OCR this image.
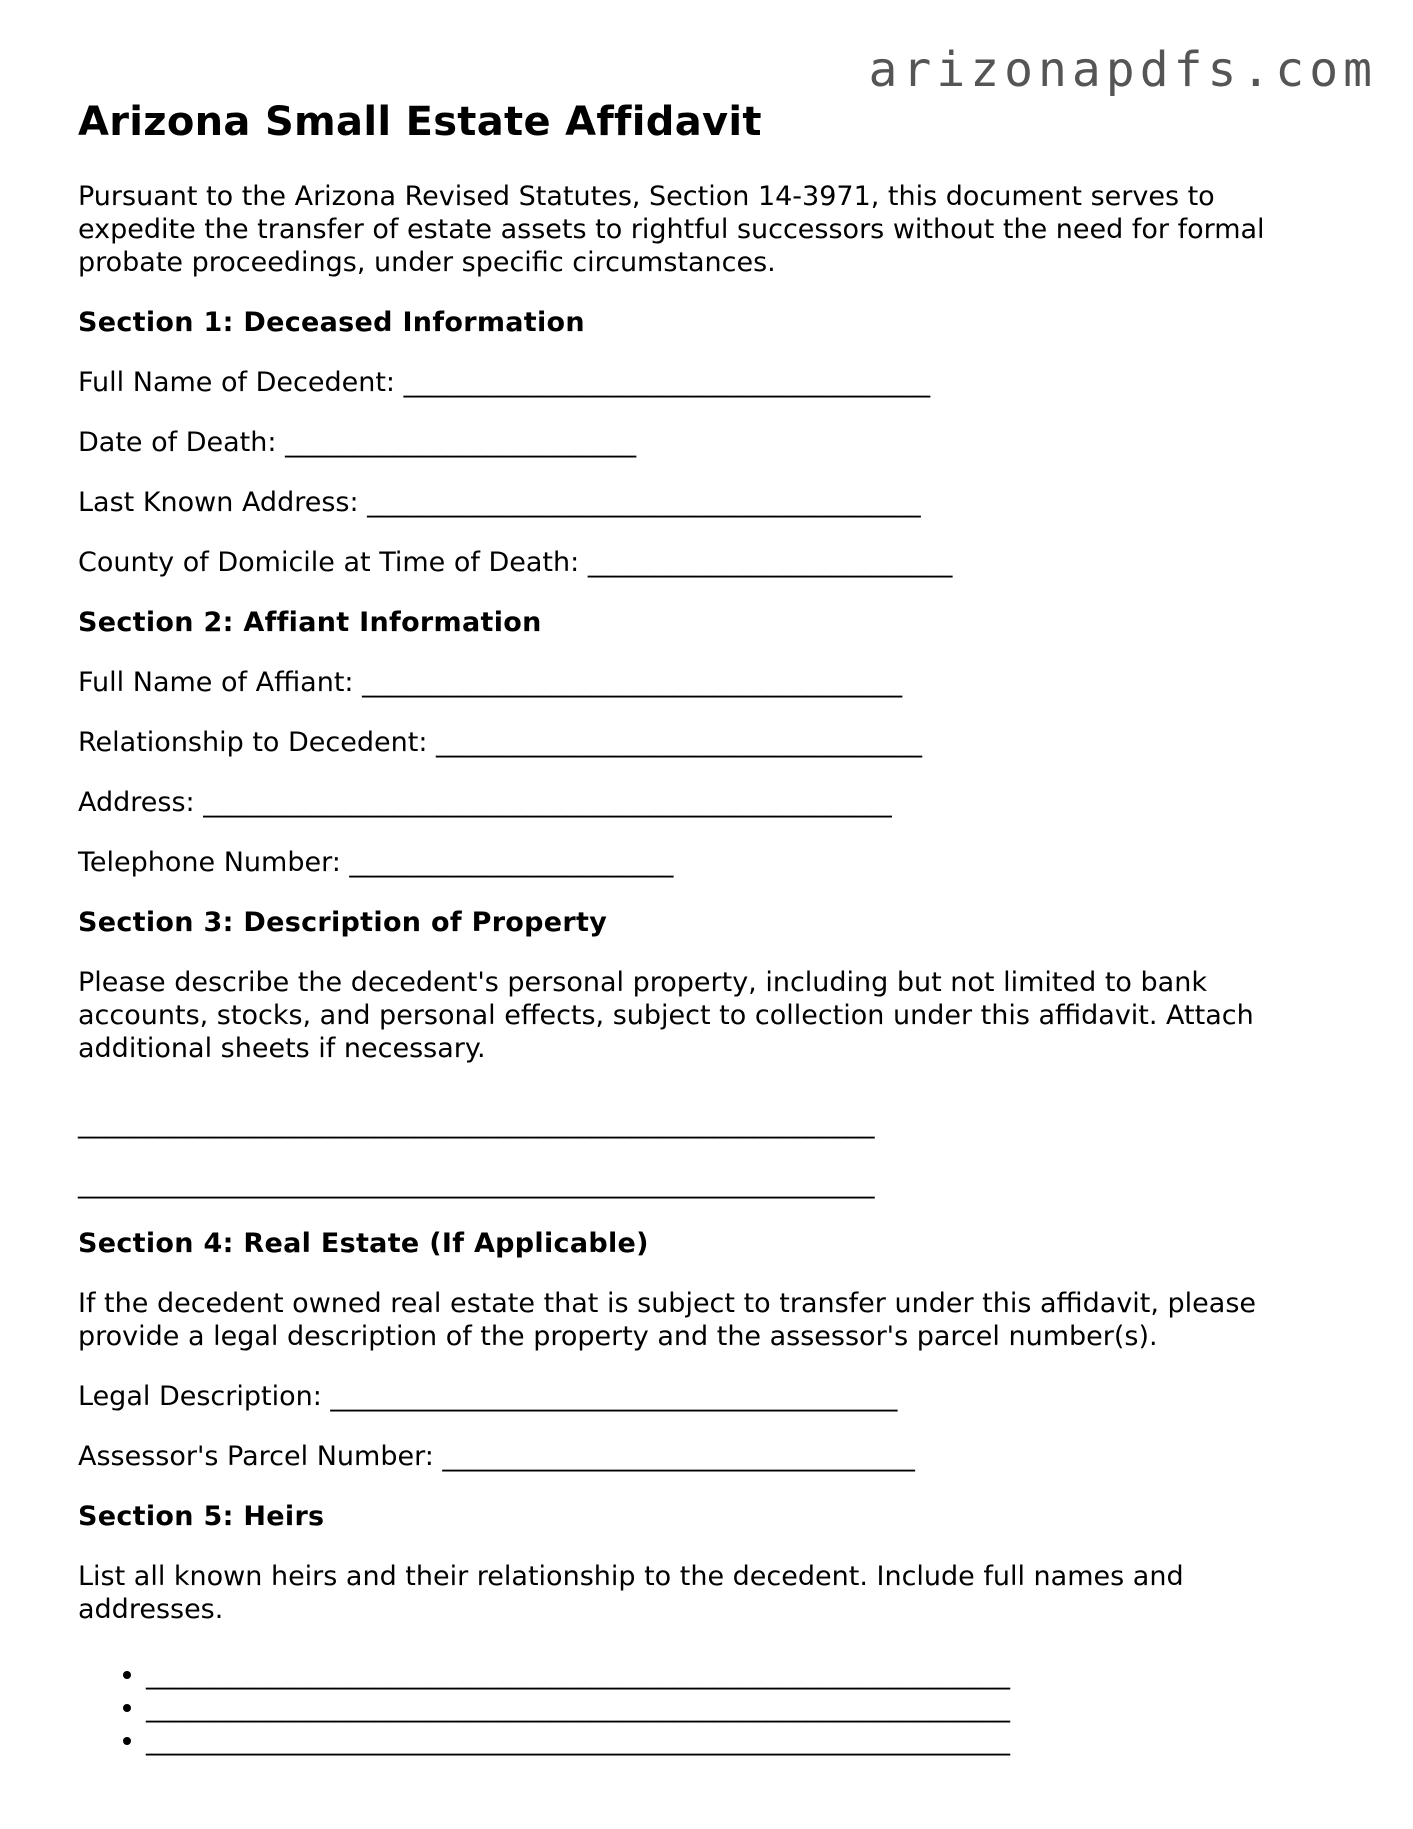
arizonapdfs.com
Arizona Small Estate Affidavit

Pursuant to the Arizona Revised Statutes, Section 14-3971, this document serves to expedite the transfer of estate assets to rightful successors without the need for formal probate proceedings, under specific circumstances.

Section 1: Deceased Information
Full Name of Decedent: _______________________________________
Date of Death: __________________________
Last Known Address: _________________________________________
County of Domicile at Time of Death: ___________________________
Section 2: Affiant Information
Full Name of Affiant: ________________________________________
Relationship to Decedent: ____________________________________
Address: ___________________________________________________
Telephone Number: ________________________
Section 3: Description of Property

Please describe the decedent's personal property, including but not limited to bank accounts, stocks, and personal effects, subject to collection under this affidavit. Attach additional sheets if necessary.

___________________________________________________________
___________________________________________________________
Section 4: Real Estate (If Applicable)

If the decedent owned real estate that is subject to transfer under this affidavit, please provide a legal description of the property and the assessor's parcel number(s).

Legal Description: __________________________________________
Assessor's Parcel Number: ___________________________________
Section 5: Heirs

List all known heirs and their relationship to the decedent. Include full names and addresses.

• ________________________________________________________________
• ________________________________________________________________
• ________________________________________________________________
